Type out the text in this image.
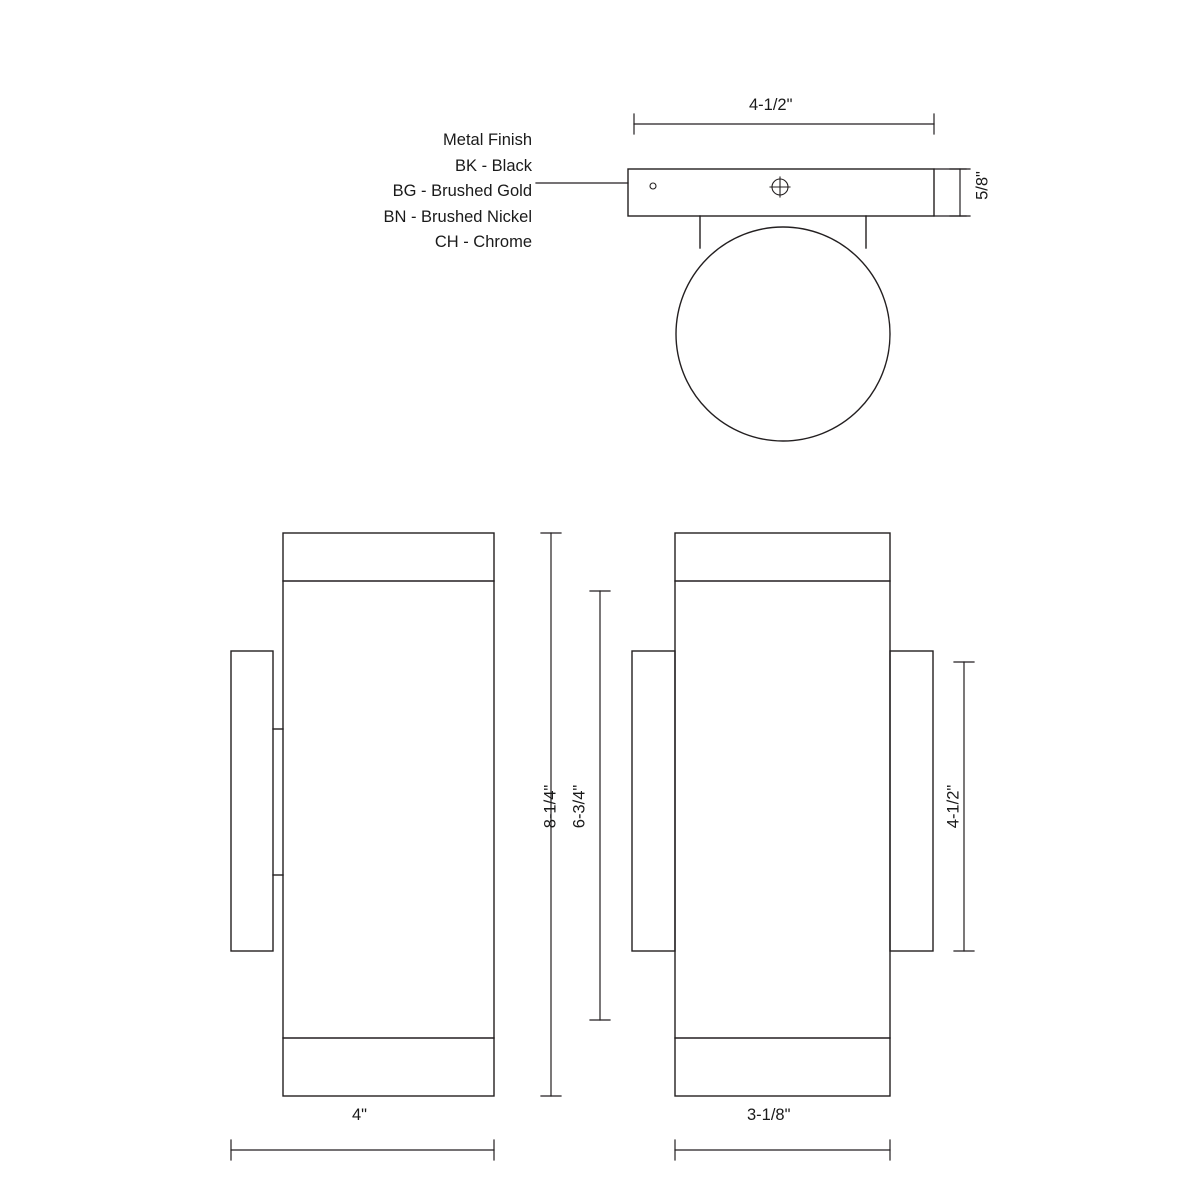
Metal Finish
BK - Black
BG - Brushed Gold
BN - Brushed Nickel
CH - Chrome
4-1/2"
5/8"
8-1/4" 6-3/4"	4-1/2"
4"	3-1/8"
